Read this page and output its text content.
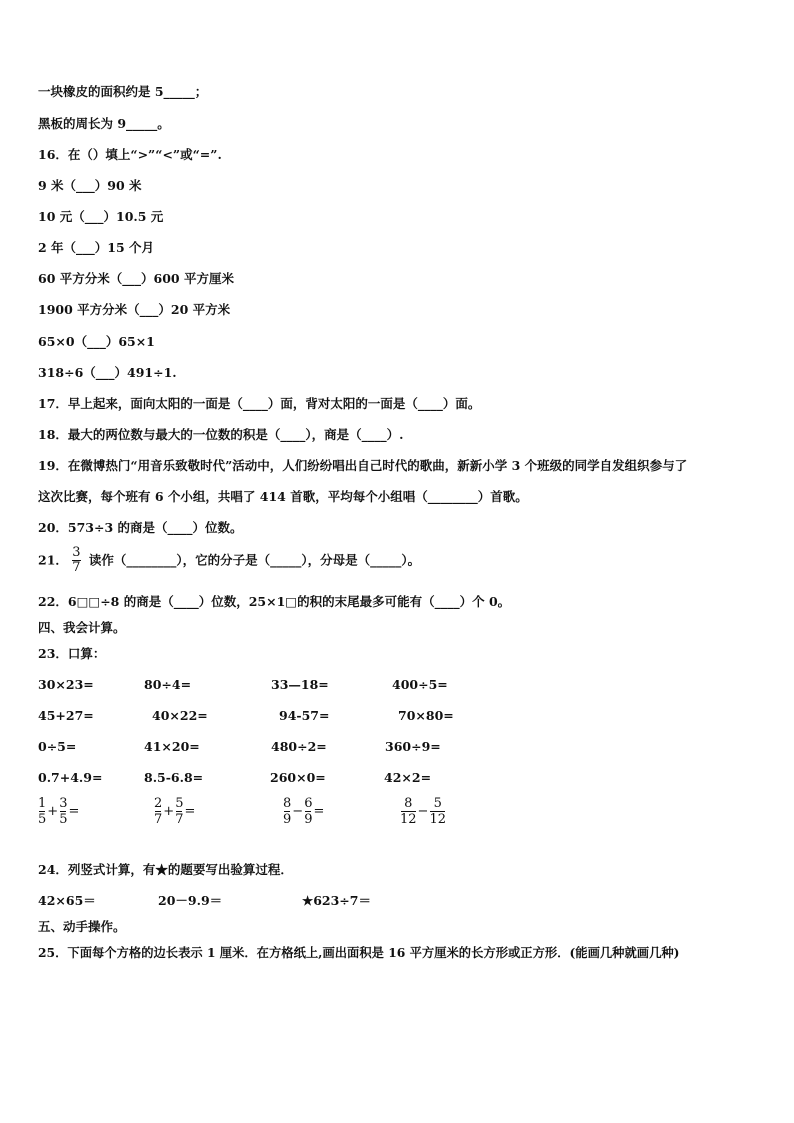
一块橡皮的面积约是 5_____；
黑板的周长为 9_____。
16．在（）填上“>”“<”或“=”.
9 米（___）90 米
10 元（___）10.5 元
2 年（___）15 个月
60 平方分米（___）600 平方厘米
1900 平方分米（___）20 平方米
65×0（___）65×1
318÷6（___）491÷1.
17．早上起来，面向太阳的一面是（____）面，背对太阳的一面是（____）面。
18．最大的两位数与最大的一位数的积是（____），商是（____）.
19．在微博热门“用音乐致敬时代”活动中，人们纷纷唱出自己时代的歌曲，新新小学 3 个班级的同学自发组织参与了
这次比赛，每个班有 6 个小组，共唱了 414 首歌，平均每个小组唱（________）首歌。
20．573÷3 的商是（____）位数。
21． $\frac{3}{7}$ 读作（________），它的分子是（_____），分母是（_____）。
22．6□□÷8 的商是（____）位数，25×1□的积的末尾最多可能有（____）个 0。
四、我会计算。
23．口算：
30×23=	80÷4=	33—18=	400÷5=
45+27=	40×22=	94-57=	70×80=
0÷5=	41×20=	480÷2=	360÷9=
0.7+4.9=	8.5-6.8=	260×0=	42×2=
$\frac{1}{5} + \frac{3}{5}$ =	$\frac{2}{7} + \frac{5}{7}$ =	$\frac{8}{9} - \frac{6}{9}$ =	$\frac{8}{12} - \frac{5}{12}$
24．列竖式计算，有★的题要写出验算过程．
42×65＝	20－9.9＝	★623÷7＝
五、动手操作。
25．下面每个方格的边长表示 1 厘米．在方格纸上,画出面积是 16 平方厘米的长方形或正方形．(能画几种就画几种)
